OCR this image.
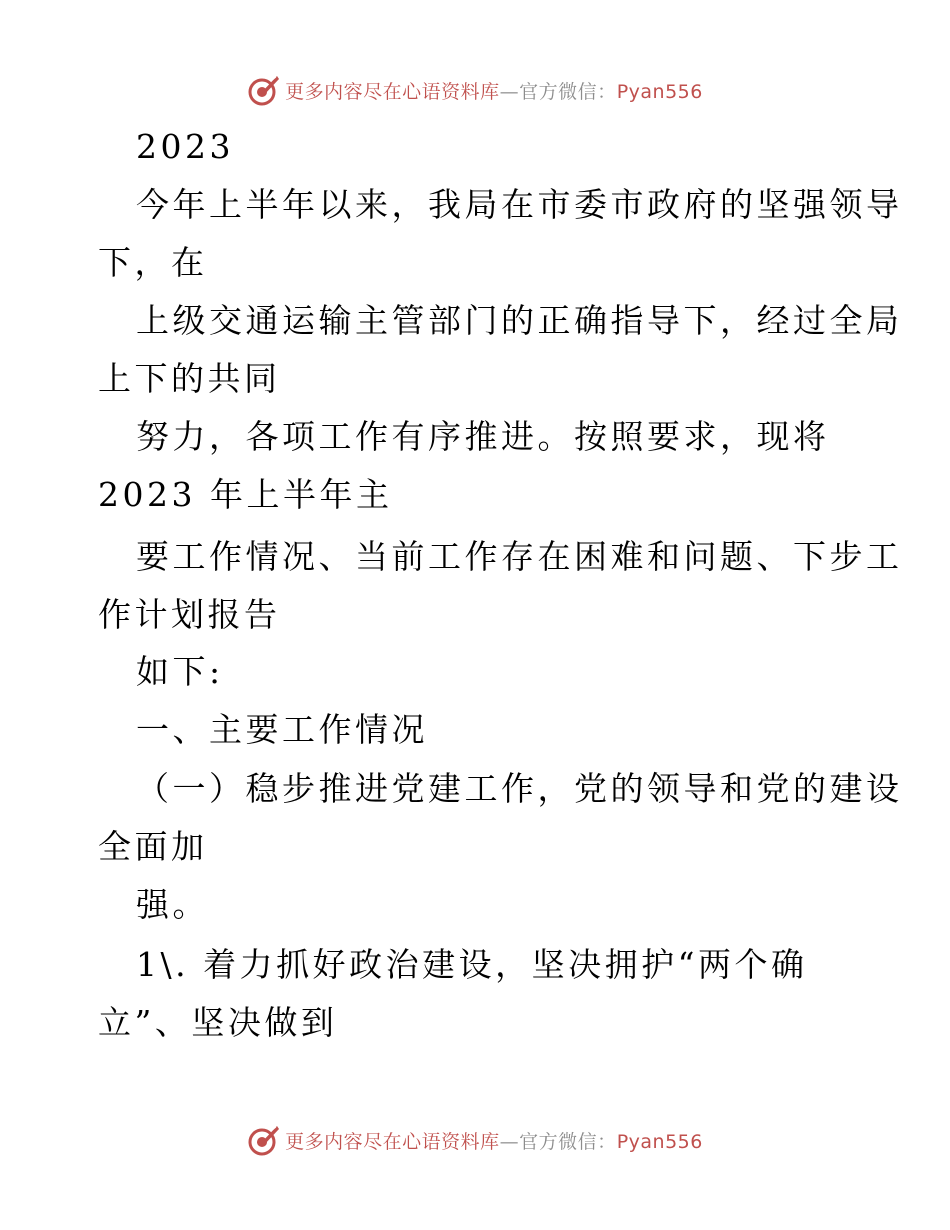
更多内容尽在心语资料库—官方微信：Pyan556
2023
今年上半年以来，我局在市委市政府的坚强领导
下，在
上级交通运输主管部门的正确指导下，经过全局
上下的共同
努力，各项工作有序推进。按照要求，现将
2023 年上半年主
要工作情况、当前工作存在困难和问题、下步工
作计划报告
如下:
一、主要工作情况
（一）稳步推进党建工作，党的领导和党的建设
全面加
强。
1\. 着力抓好政治建设，坚决拥护“两个确
立”、坚决做到
更多内容尽在心语资料库—官方微信：Pyan556
